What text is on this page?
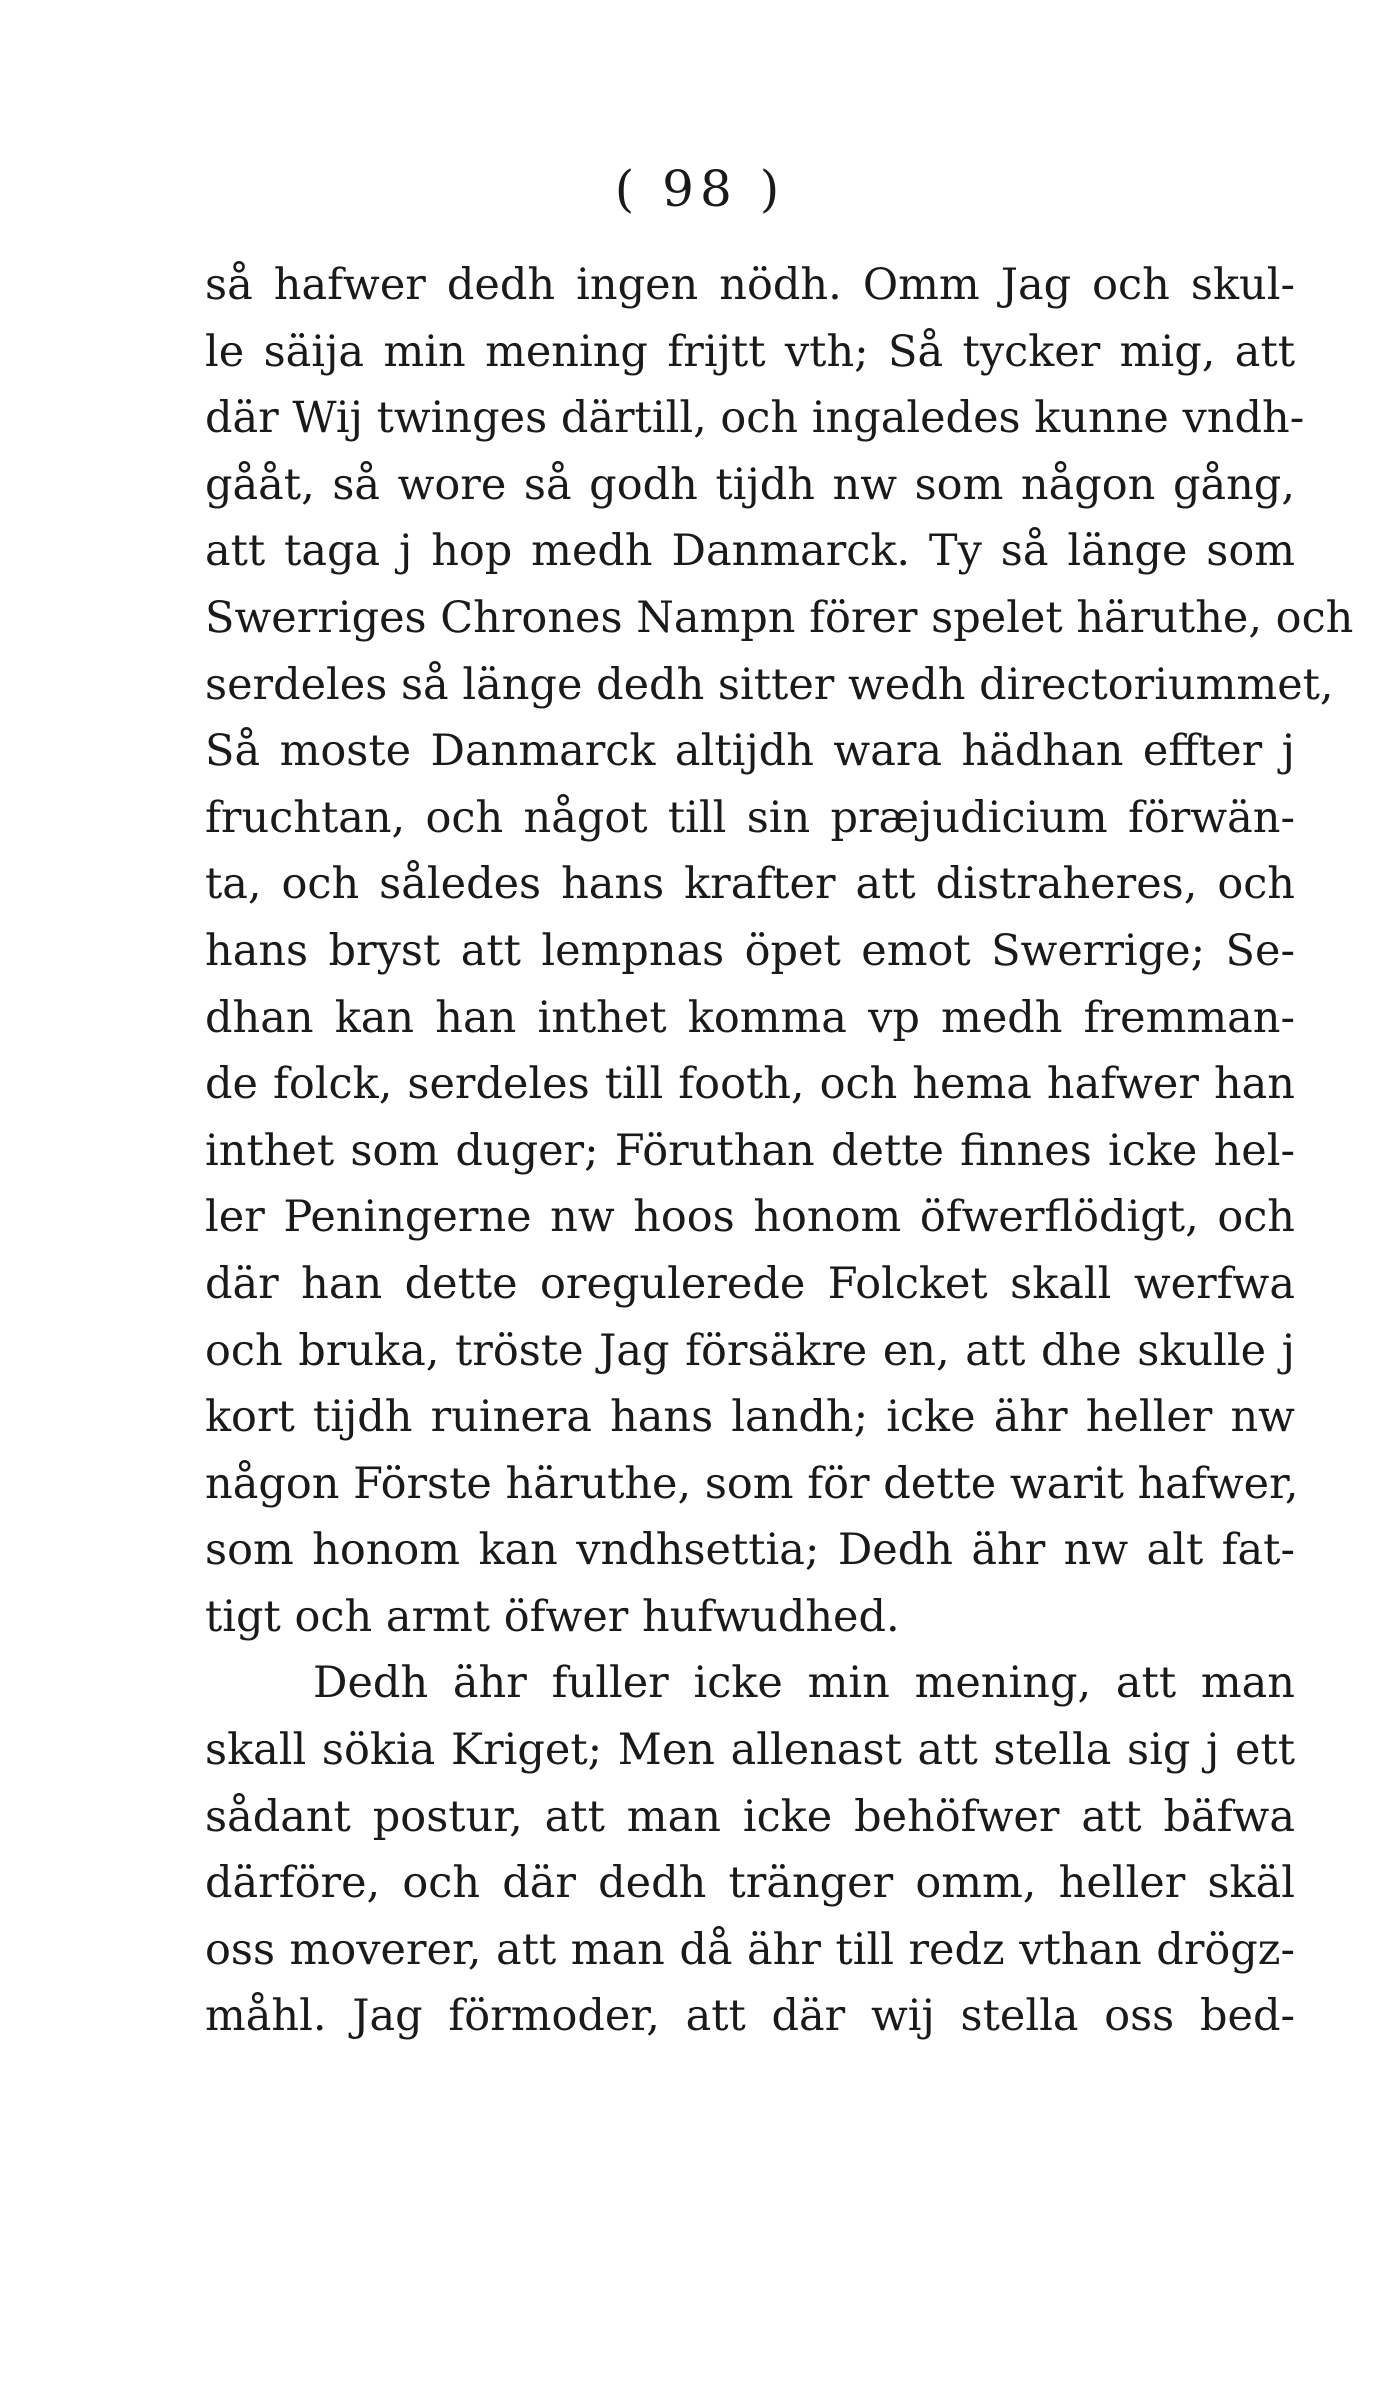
( 98 )
så hafwer dedh ingen nödh. Omm Jag och skul-
le säija min mening frijtt vth; Så tycker mig, att
där Wij twinges därtill, och ingaledes kunne vndh-
gååt, så wore så godh tijdh nw som någon gång,
att taga j hop medh Danmarck. Ty så länge som
Swerriges Chrones Nampn förer spelet häruthe, och
serdeles så länge dedh sitter wedh directoriummet,
Så moste Danmarck altijdh wara hädhan effter j
fruchtan, och något till sin præjudicium förwän-
ta, och således hans krafter att distraheres, och
hans bryst att lempnas öpet emot Swerrige; Se-
dhan kan han inthet komma vp medh fremman-
de folck, serdeles till footh, och hema hafwer han
inthet som duger; Föruthan dette finnes icke hel-
ler Peningerne nw hoos honom öfwerflödigt, och
där han dette oregulerede Folcket skall werfwa
och bruka, tröste Jag försäkre en, att dhe skulle j
kort tijdh ruinera hans landh; icke ähr heller nw
någon Förste häruthe, som för dette warit hafwer,
som honom kan vndhsettia; Dedh ähr nw alt fat-
tigt och armt öfwer hufwudhed.
Dedh ähr fuller icke min mening, att man
skall sökia Kriget; Men allenast att stella sig j ett
sådant postur, att man icke behöfwer att bäfwa
därföre, och där dedh tränger omm, heller skäl
oss moverer, att man då ähr till redz vthan drögz-
måhl. Jag förmoder, att där wij stella oss bed-
